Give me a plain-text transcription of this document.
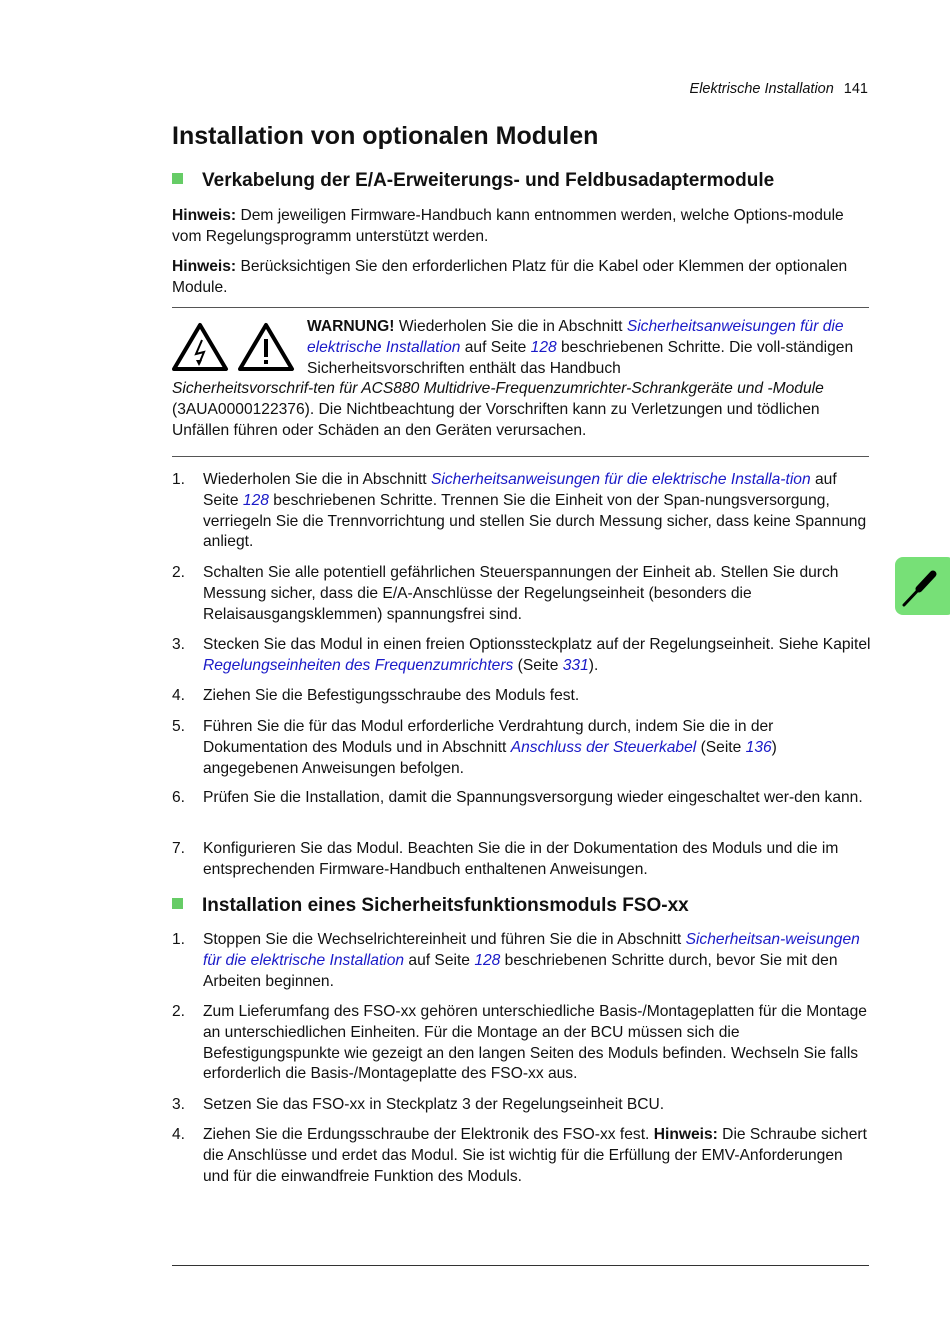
Elektrische Installation 141
Installation von optionalen Modulen
Verkabelung der E/A-Erweiterungs- und Feldbusadaptermodule
Hinweis: Dem jeweiligen Firmware-Handbuch kann entnommen werden, welche Options-module vom Regelungsprogramm unterstützt werden.
Hinweis: Berücksichtigen Sie den erforderlichen Platz für die Kabel oder Klemmen der optionalen Module.
WARNUNG! Wiederholen Sie die in Abschnitt Sicherheitsanweisungen für die elektrische Installation auf Seite 128 beschriebenen Schritte. Die voll-ständigen Sicherheitsvorschriften enthält das Handbuch
Sicherheitsvorschrif-ten für ACS880 Multidrive-Frequenzumrichter-Schrankgeräte und -Module (3AUA0000122376). Die Nichtbeachtung der Vorschriften kann zu Verletzungen und tödlichen Unfällen führen oder Schäden an den Geräten verursachen.
1. Wiederholen Sie die in Abschnitt Sicherheitsanweisungen für die elektrische Installa-tion auf Seite 128 beschriebenen Schritte. Trennen Sie die Einheit von der Span-nungsversorgung, verriegeln Sie die Trennvorrichtung und stellen Sie durch Messung sicher, dass keine Spannung anliegt.
2. Schalten Sie alle potentiell gefährlichen Steuerspannungen der Einheit ab. Stellen Sie durch Messung sicher, dass die E/A-Anschlüsse der Regelungseinheit (besonders die Relaisausgangsklemmen) spannungsfrei sind.
3. Stecken Sie das Modul in einen freien Optionssteckplatz auf der Regelungseinheit. Siehe Kapitel Regelungseinheiten des Frequenzumrichters (Seite 331).
4. Ziehen Sie die Befestigungsschraube des Moduls fest.
5. Führen Sie die für das Modul erforderliche Verdrahtung durch, indem Sie die in der Dokumentation des Moduls und in Abschnitt Anschluss der Steuerkabel (Seite 136) angegebenen Anweisungen befolgen.
6. Prüfen Sie die Installation, damit die Spannungsversorgung wieder eingeschaltet wer-den kann.
7. Konfigurieren Sie das Modul. Beachten Sie die in der Dokumentation des Moduls und die im entsprechenden Firmware-Handbuch enthaltenen Anweisungen.
Installation eines Sicherheitsfunktionsmoduls FSO-xx
1. Stoppen Sie die Wechselrichtereinheit und führen Sie die in Abschnitt Sicherheitsan-weisungen für die elektrische Installation auf Seite 128 beschriebenen Schritte durch, bevor Sie mit den Arbeiten beginnen.
2. Zum Lieferumfang des FSO-xx gehören unterschiedliche Basis-/Montageplatten für die Montage an unterschiedlichen Einheiten. Für die Montage an der BCU müssen sich die Befestigungspunkte wie gezeigt an den langen Seiten des Moduls befinden. Wechseln Sie falls erforderlich die Basis-/Montageplatte des FSO-xx aus.
3. Setzen Sie das FSO-xx in Steckplatz 3 der Regelungseinheit BCU.
4. Ziehen Sie die Erdungsschraube der Elektronik des FSO-xx fest. Hinweis: Die Schraube sichert die Anschlüsse und erdet das Modul. Sie ist wichtig für die Erfüllung der EMV-Anforderungen und für die einwandfreie Funktion des Moduls.
